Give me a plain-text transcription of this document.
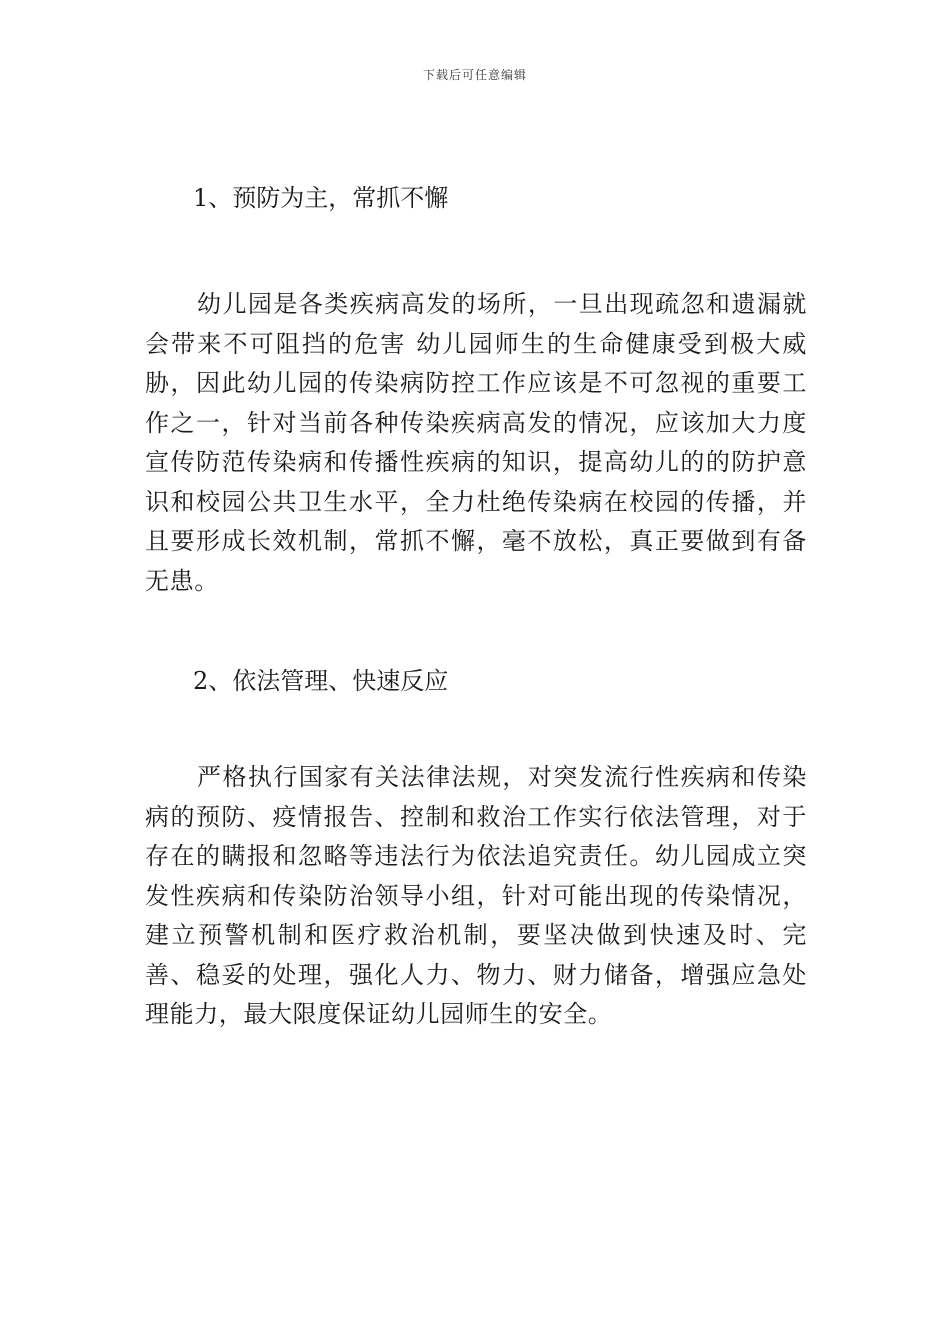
下载后可任意编辑

1、预防为主，常抓不懈

幼儿园是各类疾病高发的场所，一旦出现疏忽和遗漏就会带来不可阻挡的危害 幼儿园师生的生命健康受到极大威胁，因此幼儿园的传染病防控工作应该是不可忽视的重要工作之一，针对当前各种传染疾病高发的情况，应该加大力度宣传防范传染病和传播性疾病的知识，提高幼儿的的防护意识和校园公共卫生水平，全力杜绝传染病在校园的传播，并且要形成长效机制，常抓不懈，毫不放松，真正要做到有备无患。

2、依法管理、快速反应

严格执行国家有关法律法规，对突发流行性疾病和传染病的预防、疫情报告、控制和救治工作实行依法管理，对于存在的瞒报和忽略等违法行为依法追究责任。幼儿园成立突发性疾病和传染防治领导小组，针对可能出现的传染情况，建立预警机制和医疗救治机制，要坚决做到快速及时、完善、稳妥的处理，强化人力、物力、财力储备，增强应急处理能力，最大限度保证幼儿园师生的安全。
